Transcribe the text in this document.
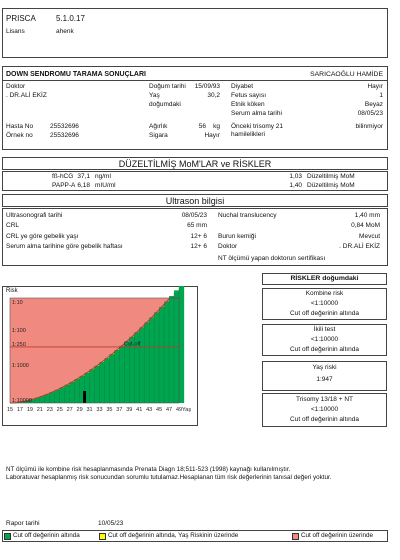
PRISCA	5.1.0.17
Lisans	ahenk
DOWN SENDROMU TARAMA SONUÇLARI	SARICAOĞLU HAMİDE
Doktor
. DR.ALİ EKİZ
Doğum tarihi 15/09/93
Yaş	30,2
doğumdaki
Diyabet	Hayır
Fetus sayısı	1
Etnik köken	Beyaz
Serum alma tarihi	08/05/23
Hasta No	25532696
Örnek no	25532696
Ağırlık	56 kg
Sigara	Hayır
Önceki trisomy 21
hamilelikleri
bilinmiyor
DÜZELTİLMİŞ MoM'LAR ve RİSKLER
fß-hCG 37,1 ng/ml	1,03 Düzeltilmiş MoM
PAPP-A 6,18 mIU/ml	1,40 Düzeltilmiş MoM
Ultrason bilgisi
Ultrasonografi tarihi	08/05/23
CRL	65 mm
CRL ye göre gebelik yaşı	12+ 6
Serum alma tarihine göre gebelik haftası	12+ 6
Nuchal translucency	1,40 mm
0,84 MoM
Burun kemiği	Mevcut
Doktor	. DR.ALİ EKİZ
NT ölçümü yapan doktorun sertifikası
Risk
Cut-off
1:10
1:100
1:250
1:1000
1:10000
15 17 19 21 23 25 27 29 31 33 35 37 39 41 43 45 47 49 Yaş
RİSKLER doğumdaki
Kombine risk
<1:10000
Cut off değerinin altında
İkili test
<1:10000
Cut off değerinin altında
Yaş riski
1:947
Trisomy 13/18 + NT
<1:10000
Cut off değerinin altında
NT ölçümü ile kombine risk hesaplanmasında Prenata Diagn 18;511-523 (1998) kaynağı kullanılmıştır.
Laboratuvar hesaplanmış risk sonucundan sorumlu tutulamaz.Hesaplanan tüm risk değerlerinin tanısal değeri yoktur.
Rapor tarihi	10/05/23
Cut off değerinin altında	Cut off değerinin altında, Yaş Riskinin üzerinde	Cut off değerinin üzerinde
